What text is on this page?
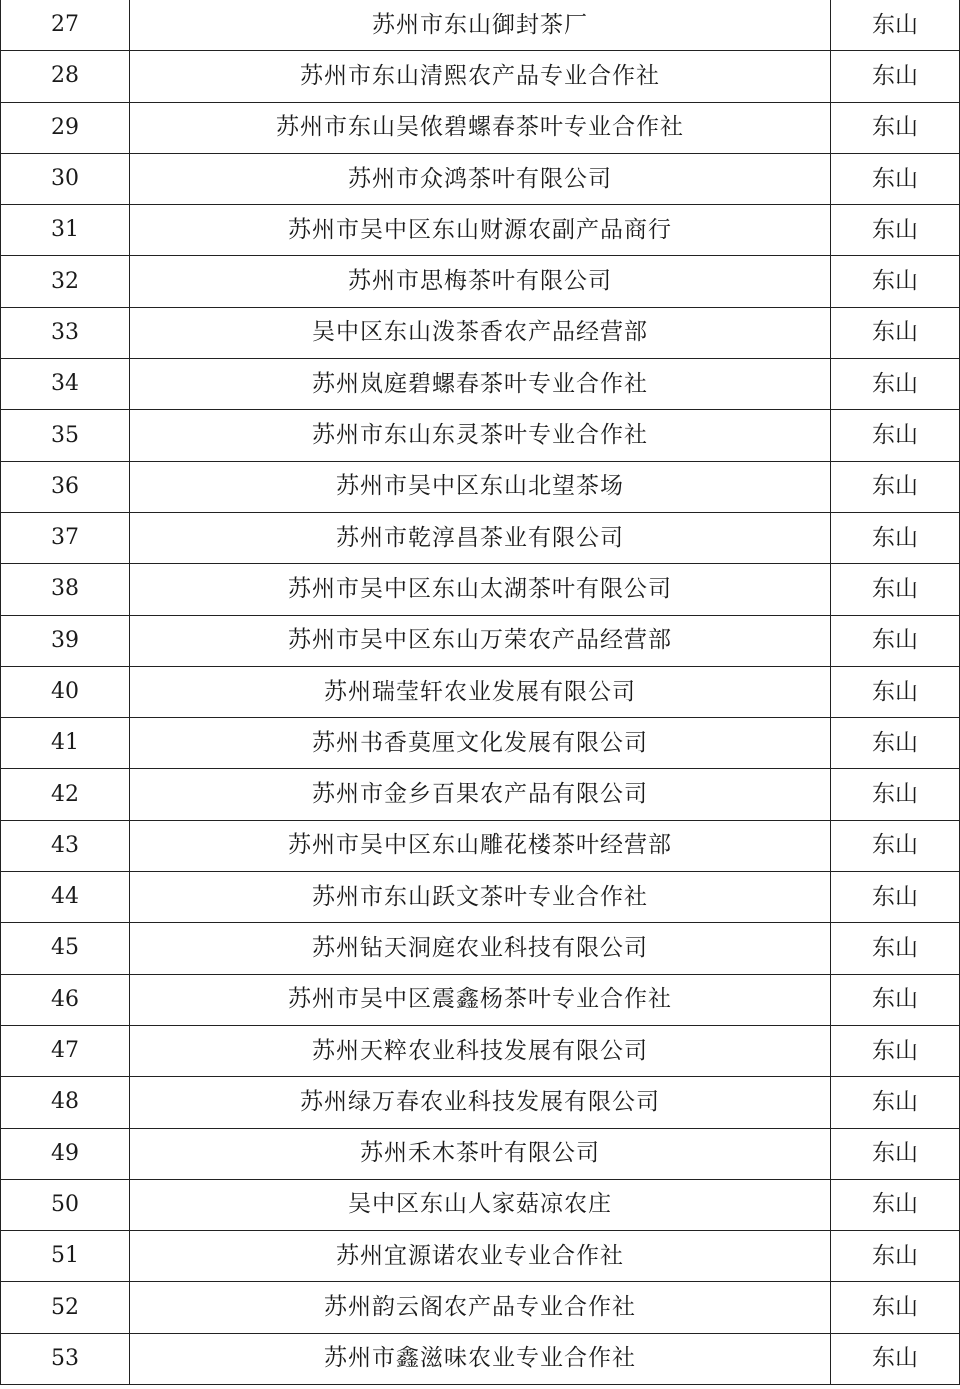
27	苏州市东山御封茶厂	东山
28	苏州市东山清熙农产品专业合作社	东山
29	苏州市东山吴侬碧螺春茶叶专业合作社	东山
30	苏州市众鸿茶叶有限公司	东山
31	苏州市吴中区东山财源农副产品商行	东山
32	苏州市思梅茶叶有限公司	东山
33	吴中区东山泼茶香农产品经营部	东山
34	苏州岚庭碧螺春茶叶专业合作社	东山
35	苏州市东山东灵茶叶专业合作社	东山
36	苏州市吴中区东山北望茶场	东山
37	苏州市乾淳昌茶业有限公司	东山
38	苏州市吴中区东山太湖茶叶有限公司	东山
39	苏州市吴中区东山万荣农产品经营部	东山
40	苏州瑞莹轩农业发展有限公司	东山
41	苏州书香莫厘文化发展有限公司	东山
42	苏州市金乡百果农产品有限公司	东山
43	苏州市吴中区东山雕花楼茶叶经营部	东山
44	苏州市东山跃文茶叶专业合作社	东山
45	苏州钻天洞庭农业科技有限公司	东山
46	苏州市吴中区震鑫杨茶叶专业合作社	东山
47	苏州天粹农业科技发展有限公司	东山
48	苏州绿万春农业科技发展有限公司	东山
49	苏州禾木茶叶有限公司	东山
50	吴中区东山人家菇凉农庄	东山
51	苏州宜源诺农业专业合作社	东山
52	苏州韵云阁农产品专业合作社	东山
53	苏州市鑫滋味农业专业合作社	东山
